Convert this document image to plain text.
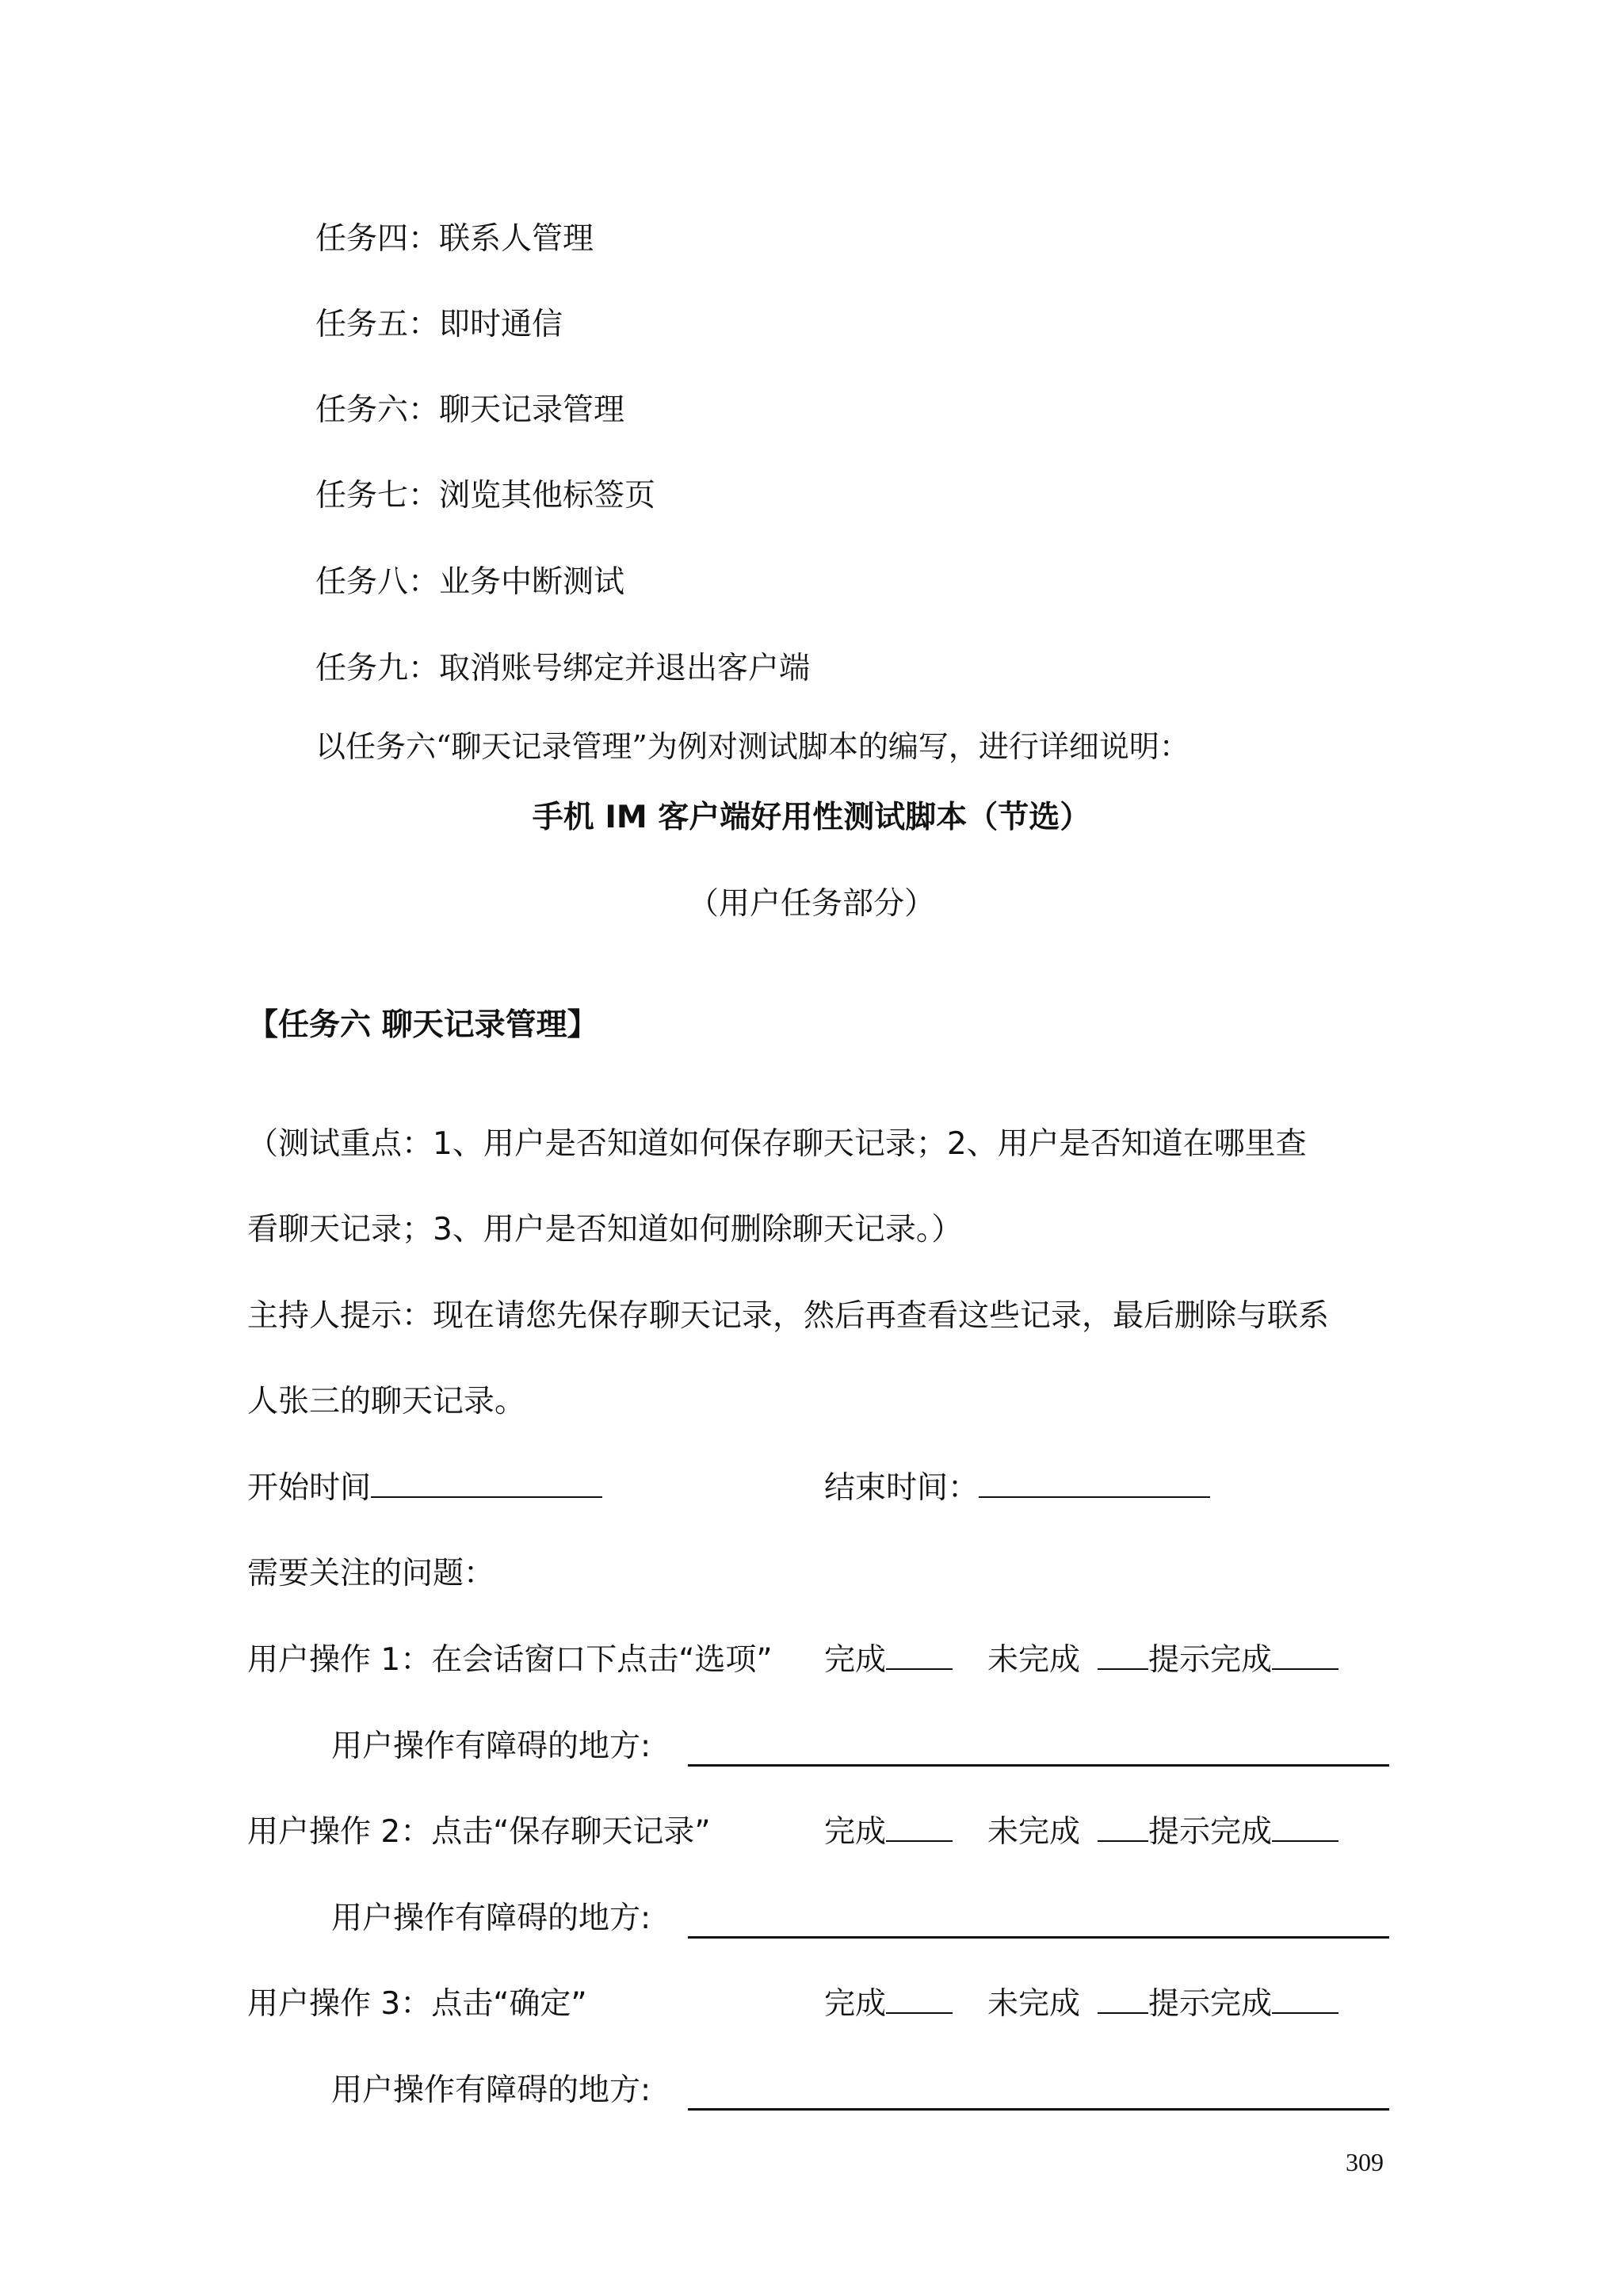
任务四：联系人管理
任务五：即时通信
任务六：聊天记录管理
任务七：浏览其他标签页
任务八：业务中断测试
任务九：取消账号绑定并退出客户端
以任务六“聊天记录管理”为例对测试脚本的编写，进行详细说明：
手机 IM 客户端好用性测试脚本（节选）
（用户任务部分）
【任务六 聊天记录管理】
（测试重点：1、用户是否知道如何保存聊天记录；2、用户是否知道在哪里查
看聊天记录；3、用户是否知道如何删除聊天记录。）
主持人提示：现在请您先保存聊天记录，然后再查看这些记录，最后删除与联系
人张三的聊天记录。
开始时间	结束时间：
需要关注的问题：
用户操作 1：在会话窗口下点击“选项” 完成	未完成 提示完成
用户操作有障碍的地方:
用户操作 2：点击“保存聊天记录”	完成	未完成 提示完成
用户操作有障碍的地方:
用户操作 3：点击“确定”	完成	未完成 提示完成
用户操作有障碍的地方:
309
